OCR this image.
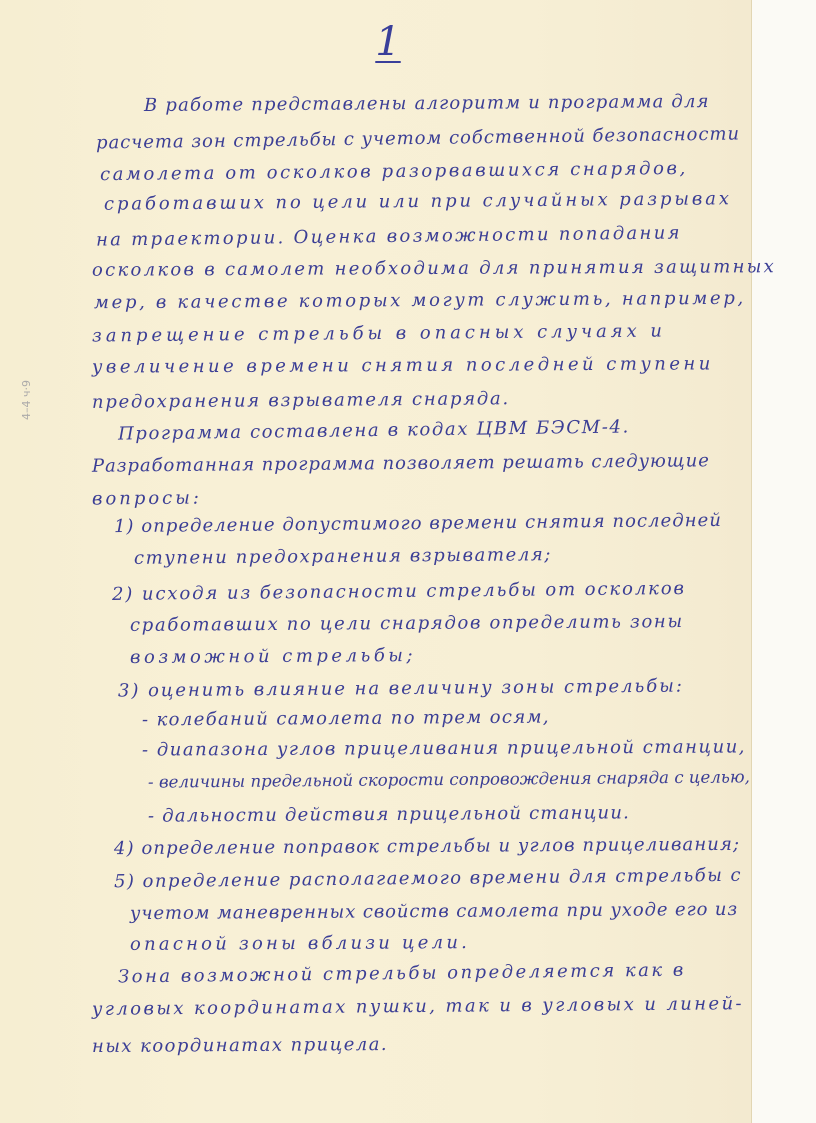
1
4–4 ч·9
В работе представлены алгоритм и программа для
расчета зон стрельбы с учетом собственной безопасности
самолета от осколков разорвавшихся снарядов,
сработавших по цели или при случайных разрывах
на траектории. Оценка возможности попадания
осколков в самолет необходима для принятия защитных
мер, в качестве которых могут служить, например,
запрещение стрельбы в опасных случаях и
увеличение времени снятия последней ступени
предохранения взрывателя снаряда.
Программа составлена в кодах ЦВМ БЭСМ-4.
Разработанная программа позволяет решать следующие
вопросы:
1) определение допустимого времени снятия последней
ступени предохранения взрывателя;
2) исходя из безопасности стрельбы от осколков
сработавших по цели снарядов определить зоны
возможной стрельбы;
3) оценить влияние на величину зоны стрельбы:
- колебаний самолета по трем осям,
- диапазона углов прицеливания прицельной станции,
- величины предельной скорости сопровождения снаряда с целью,
- дальности действия прицельной станции.
4) определение поправок стрельбы и углов прицеливания;
5) определение располагаемого времени для стрельбы с
учетом маневренных свойств самолета при уходе его из
опасной зоны вблизи цели.
Зона возможной стрельбы определяется как в
угловых координатах пушки, так и в угловых и линей-
ных координатах прицела.
